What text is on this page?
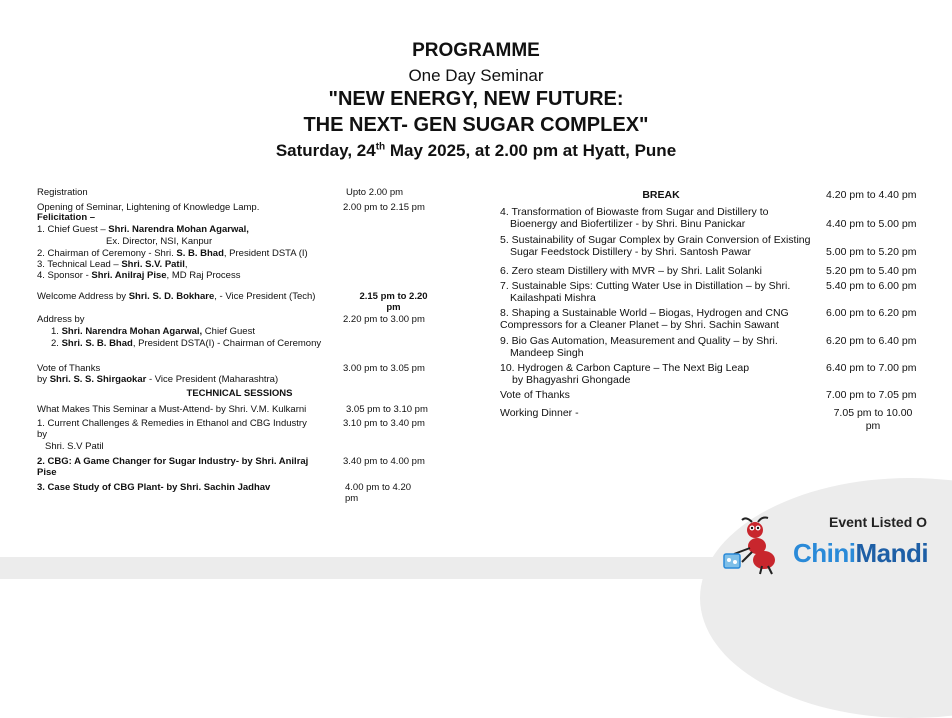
PROGRAMME
One Day Seminar
"NEW ENERGY, NEW FUTURE:
THE NEXT- GEN SUGAR COMPLEX"
Saturday, 24th May 2025, at 2.00 pm at Hyatt, Pune
Registration	Upto 2.00 pm
Opening of Seminar, Lightening of Knowledge Lamp.	2.00 pm to 2.15 pm
Felicitation –
1. Chief Guest – Shri. Narendra Mohan Agarwal,
Ex. Director, NSI, Kanpur
2. Chairman of Ceremony - Shri. S. B. Bhad, President DSTA (I)
3. Technical Lead – Shri. S.V. Patil,
4. Sponsor - Shri. Anilraj Pise, MD Raj Process
Welcome Address by Shri. S. D. Bokhare, - Vice President (Tech)	2.15 pm to 2.20
pm
Address by	2.20 pm to 3.00 pm
1. Shri. Narendra Mohan Agarwal, Chief Guest
2. Shri. S. B. Bhad, President DSTA(I) - Chairman of Ceremony
Vote of Thanks	3.00 pm to 3.05 pm
by Shri. S. S. Shirgaokar - Vice President (Maharashtra)
TECHNICAL SESSIONS
What Makes This Seminar a Must-Attend- by Shri. V.M. Kulkarni	3.05 pm to 3.10 pm
1. Current Challenges & Remedies in Ethanol and CBG Industry
by
Shri. S.V Patil
3.10 pm to 3.40 pm
2. CBG: A Game Changer for Sugar Industry- by Shri. Anilraj
Pise
3.40 pm to 4.00 pm
3. Case Study of CBG Plant- by Shri. Sachin Jadhav	4.00 pm to 4.20
pm
BREAK	4.20 pm to 4.40 pm
4. Transformation of Biowaste from Sugar and Distillery to
Bioenergy and Biofertilizer - by Shri. Binu Panickar	4.40 pm to 5.00 pm
5. Sustainability of Sugar Complex by Grain Conversion of Existing
Sugar Feedstock Distillery - by Shri. Santosh Pawar	5.00 pm to 5.20 pm
6. Zero steam Distillery with MVR – by Shri. Lalit Solanki	5.20 pm to 5.40 pm
7. Sustainable Sips: Cutting Water Use in Distillation – by Shri.
Kailashpati Mishra
5.40 pm to 6.00 pm
8. Shaping a Sustainable World – Biogas, Hydrogen and CNG
Compressors for a Cleaner Planet – by Shri. Sachin Sawant
6.00 pm to 6.20 pm
9. Bio Gas Automation, Measurement and Quality – by Shri.
Mandeep Singh
6.20 pm to 6.40 pm
10. Hydrogen & Carbon Capture – The Next Big Leap
by Bhagyashri Ghongade
6.40 pm to 7.00 pm
Vote of Thanks	7.00 pm to 7.05 pm
Working Dinner -	7.05 pm to 10.00
pm
Event Listed O
ChiniMandi
